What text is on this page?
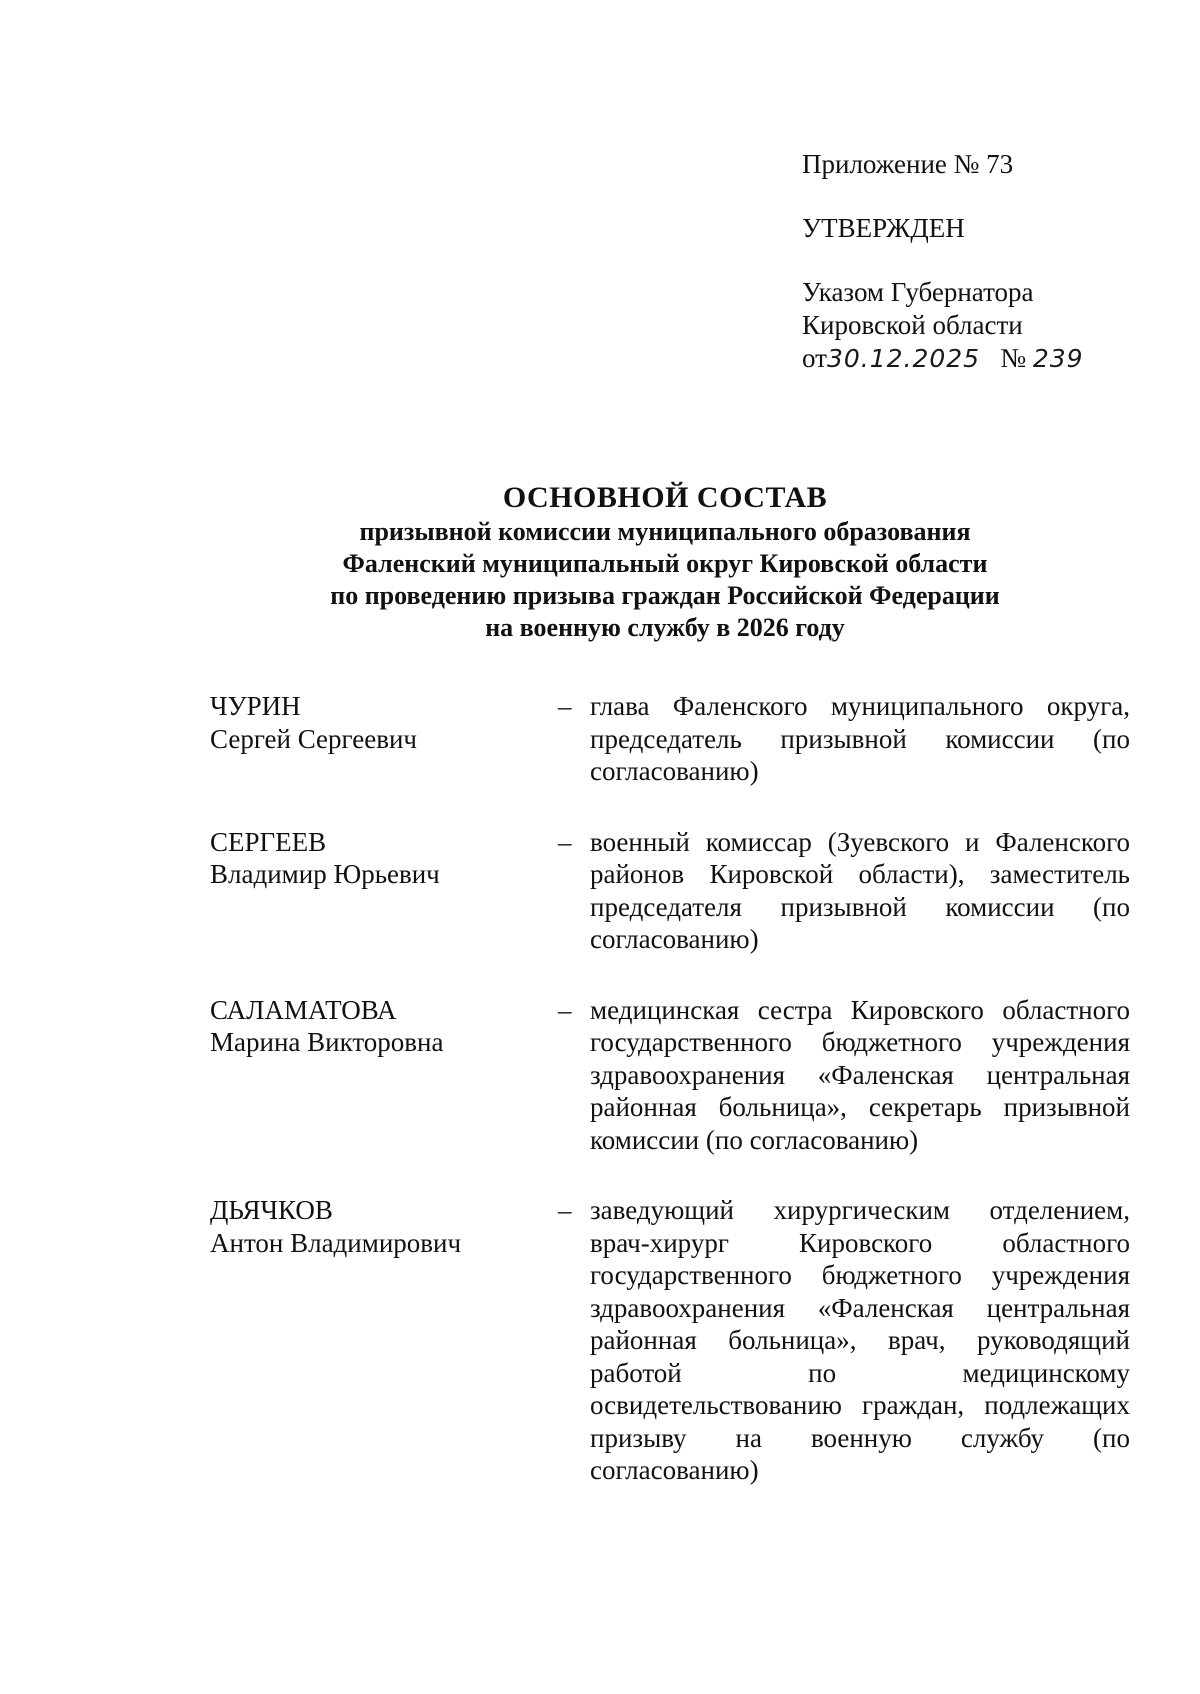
Приложение № 73
УТВЕРЖДЕН
Указом Губернатора
Кировской области
от30.12.2025 № 239
ОСНОВНОЙ СОСТАВ
призывной комиссии муниципального образования
Фаленский муниципальный округ Кировской области
по проведению призыва граждан Российской Федерации
на военную службу в 2026 году
ЧУРИН
Сергей Сергеевич
– глава Фаленского муниципального округа, председатель призывной комиссии (по согласованию)
СЕРГЕЕВ
Владимир Юрьевич
– военный комиссар (Зуевского и Фаленского районов Кировской области), заместитель председателя призывной комиссии (по согласованию)
САЛАМАТОВА
Марина Викторовна
– медицинская сестра Кировского областного государственного бюджетного учреждения здравоохранения «Фаленская центральная районная больница», секретарь призывной комиссии (по согласованию)
ДЬЯЧКОВ
Антон Владимирович
– заведующий хирургическим отделением, врач-хирург Кировского областного государственного бюджетного учреждения здравоохранения «Фаленская центральная районная больница», врач, руководящий работой по медицинскому освидетельствованию граждан, подлежащих призыву на военную службу (по согласованию)
